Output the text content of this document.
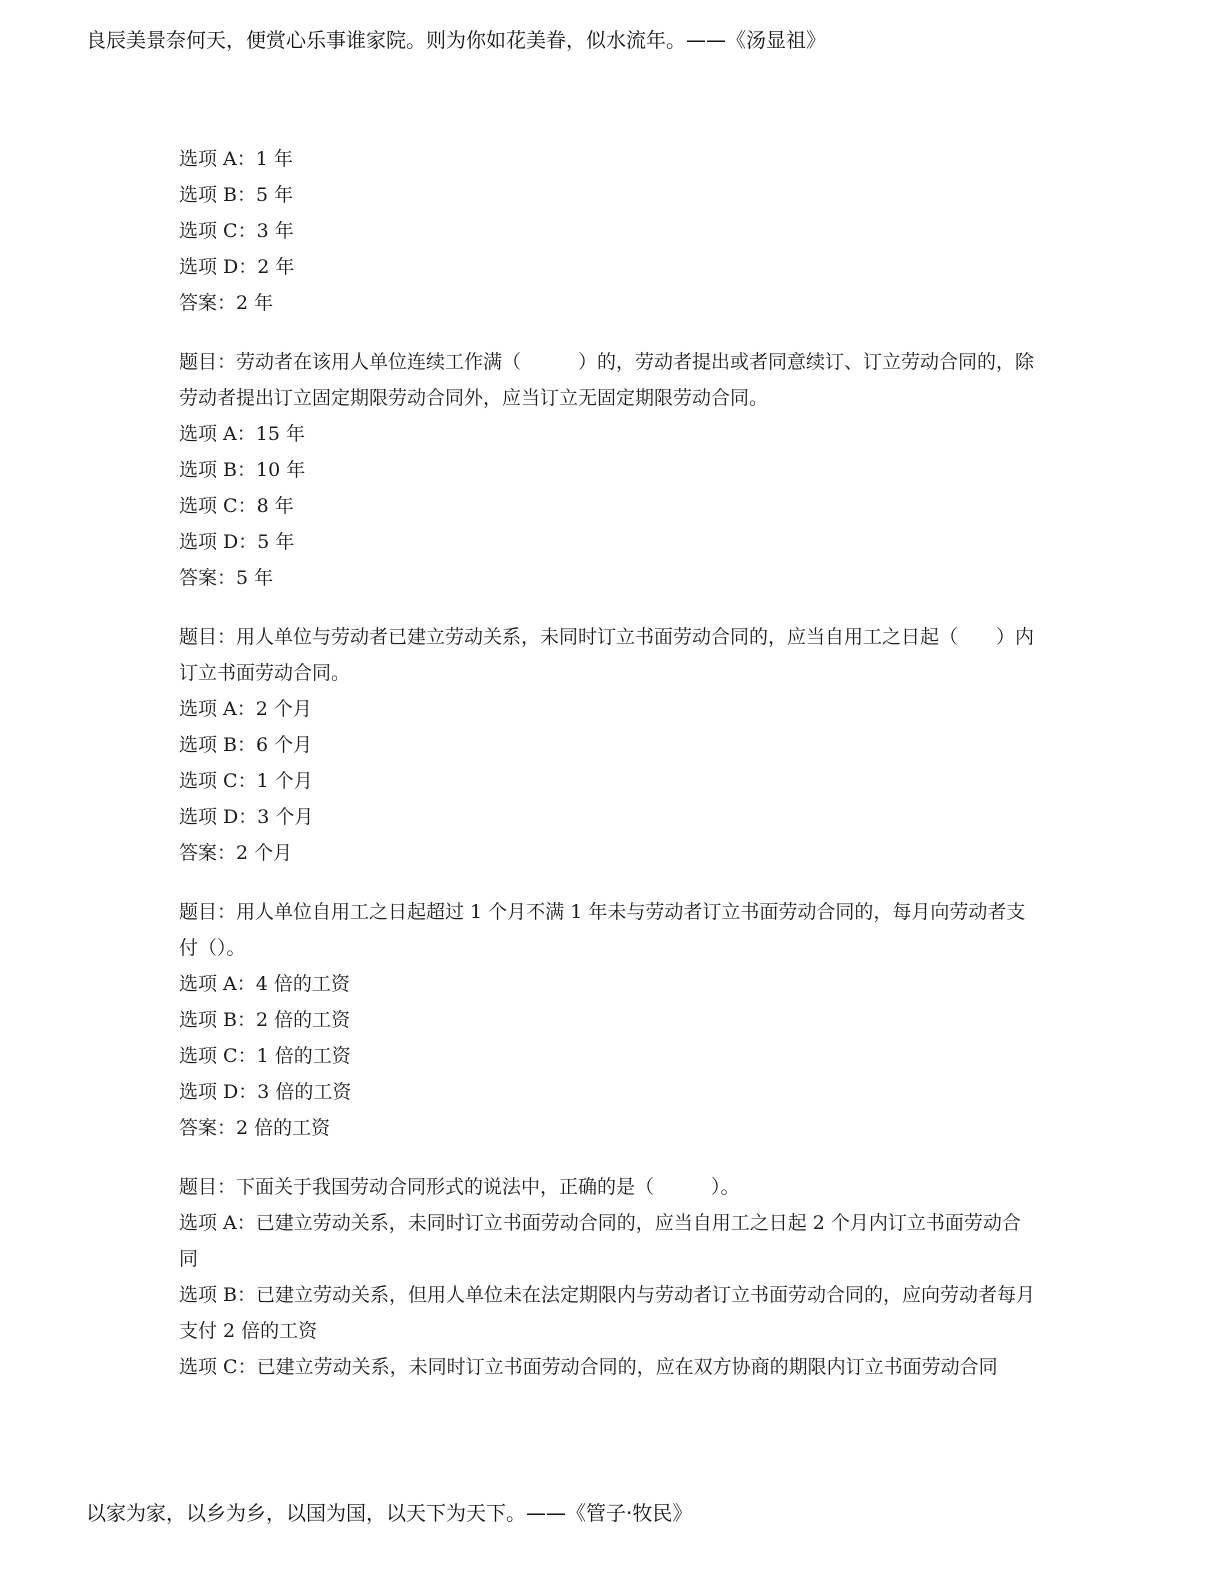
良辰美景奈何天，便赏心乐事谁家院。则为你如花美眷，似水流年。——《汤显祖》

选项 A：1 年

选项 B：5 年

选项 C：3 年

选项 D：2 年

答案：2 年

题目：劳动者在该用人单位连续工作满（　　　）的，劳动者提出或者同意续订、订立劳动合同的，除劳动者提出订立固定期限劳动合同外，应当订立无固定期限劳动合同。

选项 A：15 年

选项 B：10 年

选项 C：8 年

选项 D：5 年

答案：5 年

题目：用人单位与劳动者已建立劳动关系，未同时订立书面劳动合同的，应当自用工之日起（　　）内订立书面劳动合同。

选项 A：2 个月

选项 B：6 个月

选项 C：1 个月

选项 D：3 个月

答案：2 个月

题目：用人单位自用工之日起超过 1 个月不满 1 年未与劳动者订立书面劳动合同的，每月向劳动者支付（）。

选项 A：4 倍的工资

选项 B：2 倍的工资

选项 C：1 倍的工资

选项 D：3 倍的工资

答案：2 倍的工资

题目：下面关于我国劳动合同形式的说法中，正确的是（　　　）。

选项 A：已建立劳动关系，未同时订立书面劳动合同的，应当自用工之日起 2 个月内订立书面劳动合同

选项 B：已建立劳动关系，但用人单位未在法定期限内与劳动者订立书面劳动合同的，应向劳动者每月支付 2 倍的工资

选项 C：已建立劳动关系，未同时订立书面劳动合同的，应在双方协商的期限内订立书面劳动合同

以家为家，以乡为乡，以国为国，以天下为天下。——《管子·牧民》
